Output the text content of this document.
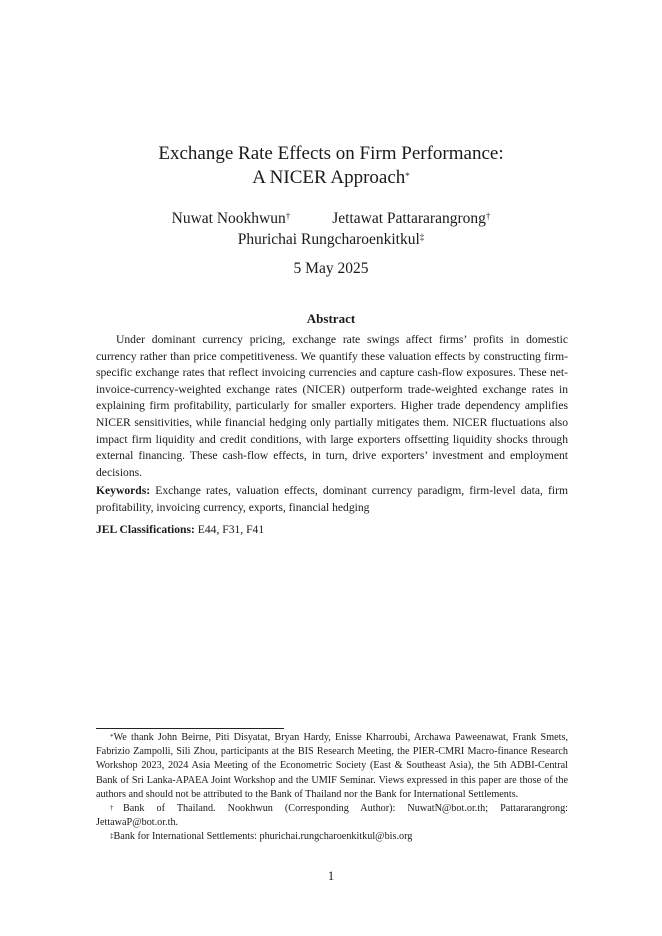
Exchange Rate Effects on Firm Performance:
A NICER Approach*
Nuwat Nookhwun†	Jettawat Pattararangrong†
Phurichai Rungcharoenkitkul‡
5 May 2025
Abstract

Under dominant currency pricing, exchange rate swings affect firms’ profits in domestic currency rather than price competitiveness. We quantify these valuation effects by constructing firm-specific exchange rates that reflect invoicing currencies and capture cash-flow exposures. These net-invoice-currency-weighted exchange rates (NICER) outperform trade-weighted exchange rates in explaining firm profitability, particularly for smaller exporters. Higher trade dependency amplifies NICER sensitivities, while financial hedging only partially mitigates them. NICER fluctuations also impact firm liquidity and credit conditions, with large exporters offsetting liquidity shocks through external financing. These cash-flow effects, in turn, drive exporters’ investment and employment decisions.

Keywords: Exchange rates, valuation effects, dominant currency paradigm, firm-level data, firm profitability, invoicing currency, exports, financial hedging

JEL Classifications: E44, F31, F41

*We thank John Beirne, Piti Disyatat, Bryan Hardy, Enisse Kharroubi, Archawa Paweenawat, Frank Smets, Fabrizio Zampolli, Sili Zhou, participants at the BIS Research Meeting, the PIER-CMRI Macro-finance Research Workshop 2023, 2024 Asia Meeting of the Econometric Society (East & Southeast Asia), the 5th ADBI-Central Bank of Sri Lanka-APAEA Joint Workshop and the UMIF Seminar. Views expressed in this paper are those of the authors and should not be attributed to the Bank of Thailand nor the Bank for International Settlements.

†Bank of Thailand. Nookhwun (Corresponding Author): NuwatN@bot.or.th; Pattararangrong: JettawaP@bot.or.th.

‡Bank for International Settlements: phurichai.rungcharoenkitkul@bis.org

1
